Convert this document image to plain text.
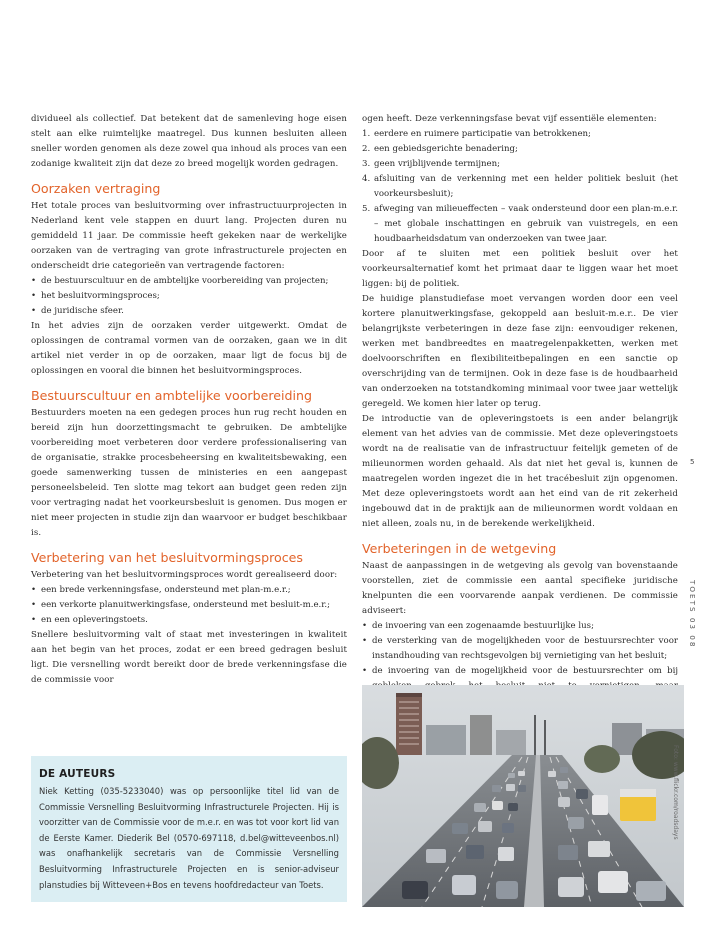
dividueel als collectief. Dat betekent dat de samenleving hoge eisen stelt aan elke ruimtelijke maatregel. Dus kunnen besluiten alleen sneller worden genomen als deze zowel qua inhoud als proces van een zodanige kwaliteit zijn dat deze zo breed mogelijk worden gedragen.

Oorzaken vertraging

Het totale proces van besluitvorming over infrastructuurprojecten in Nederland kent vele stappen en duurt lang. Projecten duren nu gemiddeld 11 jaar. De commissie heeft gekeken naar de werkelijke oorzaken van de vertraging van grote infrastructurele projecten en onderscheidt drie categorieën van vertragende factoren:

• de bestuurscultuur en de ambtelijke voorbereiding van projecten;
• het besluitvormingsproces;
• de juridische sfeer.

In het advies zijn de oorzaken verder uitgewerkt. Omdat de oplossingen de contramal vormen van de oorzaken, gaan we in dit artikel niet verder in op de oorzaken, maar ligt de focus bij de oplossingen en vooral die binnen het besluitvormingsproces.

Bestuurscultuur en ambtelijke voorbereiding

Bestuurders moeten na een gedegen proces hun rug recht houden en bereid zijn hun doorzettingsmacht te gebruiken. De ambtelijke voorbereiding moet verbeteren door verdere professionalisering van de organisatie, strakke procesbeheersing en kwaliteitsbewaking, een goede samenwerking tussen de ministeries en een aangepast personeelsbeleid. Ten slotte mag tekort aan budget geen reden zijn voor vertraging nadat het voorkeursbesluit is genomen. Dus mogen er niet meer projecten in studie zijn dan waarvoor er budget beschikbaar is.

Verbetering van het besluitvormingsproces

Verbetering van het besluitvormingsproces wordt gerealiseerd door:

• een brede verkenningsfase, ondersteund met plan-m.e.r.;
• een verkorte planuitwerkingsfase, ondersteund met besluit-m.e.r.;
• en een opleveringstoets.

Snellere besluitvorming valt of staat met investeringen in kwaliteit aan het begin van het proces, zodat er een breed gedragen besluit ligt. Die versnelling wordt bereikt door de brede verkenningsfase die de commissie voor

ogen heeft. Deze verkenningsfase bevat vijf essentiële elementen:

1. eerdere en ruimere participatie van betrokkenen;
2. een gebiedsgerichte benadering;
3. geen vrijblijvende termijnen;
4. afsluiting van de verkenning met een helder politiek besluit (het voorkeursbesluit);
5. afweging van milieueffecten – vaak ondersteund door een plan-m.e.r. – met globale inschattingen en gebruik van vuistregels, en een houdbaarheidsdatum van onderzoeken van twee jaar.

Door af te sluiten met een politiek besluit over het voorkeursalternatief komt het primaat daar te liggen waar het moet liggen: bij de politiek.

De huidige planstudiefase moet vervangen worden door een veel kortere planuitwerkingsfase, gekoppeld aan besluit-m.e.r.. De vier belangrijkste verbeteringen in deze fase zijn: eenvoudiger rekenen, werken met bandbreedtes en maatregelenpakketten, werken met doelvoorschriften en flexibiliteitbepalingen en een sanctie op overschrijding van de termijnen. Ook in deze fase is de houdbaarheid van onderzoeken na totstandkoming minimaal voor twee jaar wettelijk geregeld. We komen hier later op terug.

De introductie van de opleveringstoets is een ander belangrijk element van het advies van de commissie. Met deze opleveringstoets wordt na de realisatie van de infrastructuur feitelijk gemeten of de milieunormen worden gehaald. Als dat niet het geval is, kunnen de maatregelen worden ingezet die in het tracébesluit zijn opgenomen. Met deze opleveringstoets wordt aan het eind van de rit zekerheid ingebouwd dat in de praktijk aan de milieunormen wordt voldaan en niet alleen, zoals nu, in de berekende werkelijkheid.

Verbeteringen in de wetgeving

Naast de aanpassingen in de wetgeving als gevolg van bovenstaande voorstellen, ziet de commissie een aantal specifieke juridische knelpunten die een voorvarende aanpak verdienen. De commissie adviseert:

• de invoering van een zogenaamde bestuurlijke lus;
• de versterking van de mogelijkheden voor de bestuursrechter voor instandhouding van rechtsgevolgen bij vernietiging van het besluit;
• de invoering van de mogelijkheid voor de bestuursrechter om bij

DE AUTEURS

Niek Ketting (035-5233040) was op persoonlijke titel lid van de Commissie Versnelling Besluitvorming Infrastructurele Projecten. Hij is voorzitter van de Commissie voor de m.e.r. en was tot voor kort lid van de Eerste Kamer. Diederik Bel (0570-697118, d.bel@witteveenbos.nl) was onafhankelijk secretaris van de Commissie Versnelling Besluitvorming Infrastructurele Projecten en is senior-adviseur planstudies bij Witteveen+Bos en tevens hoofdredacteur van Toets.

Foto: www.flickr.com/roadsdays
5
TOETS 03 08
